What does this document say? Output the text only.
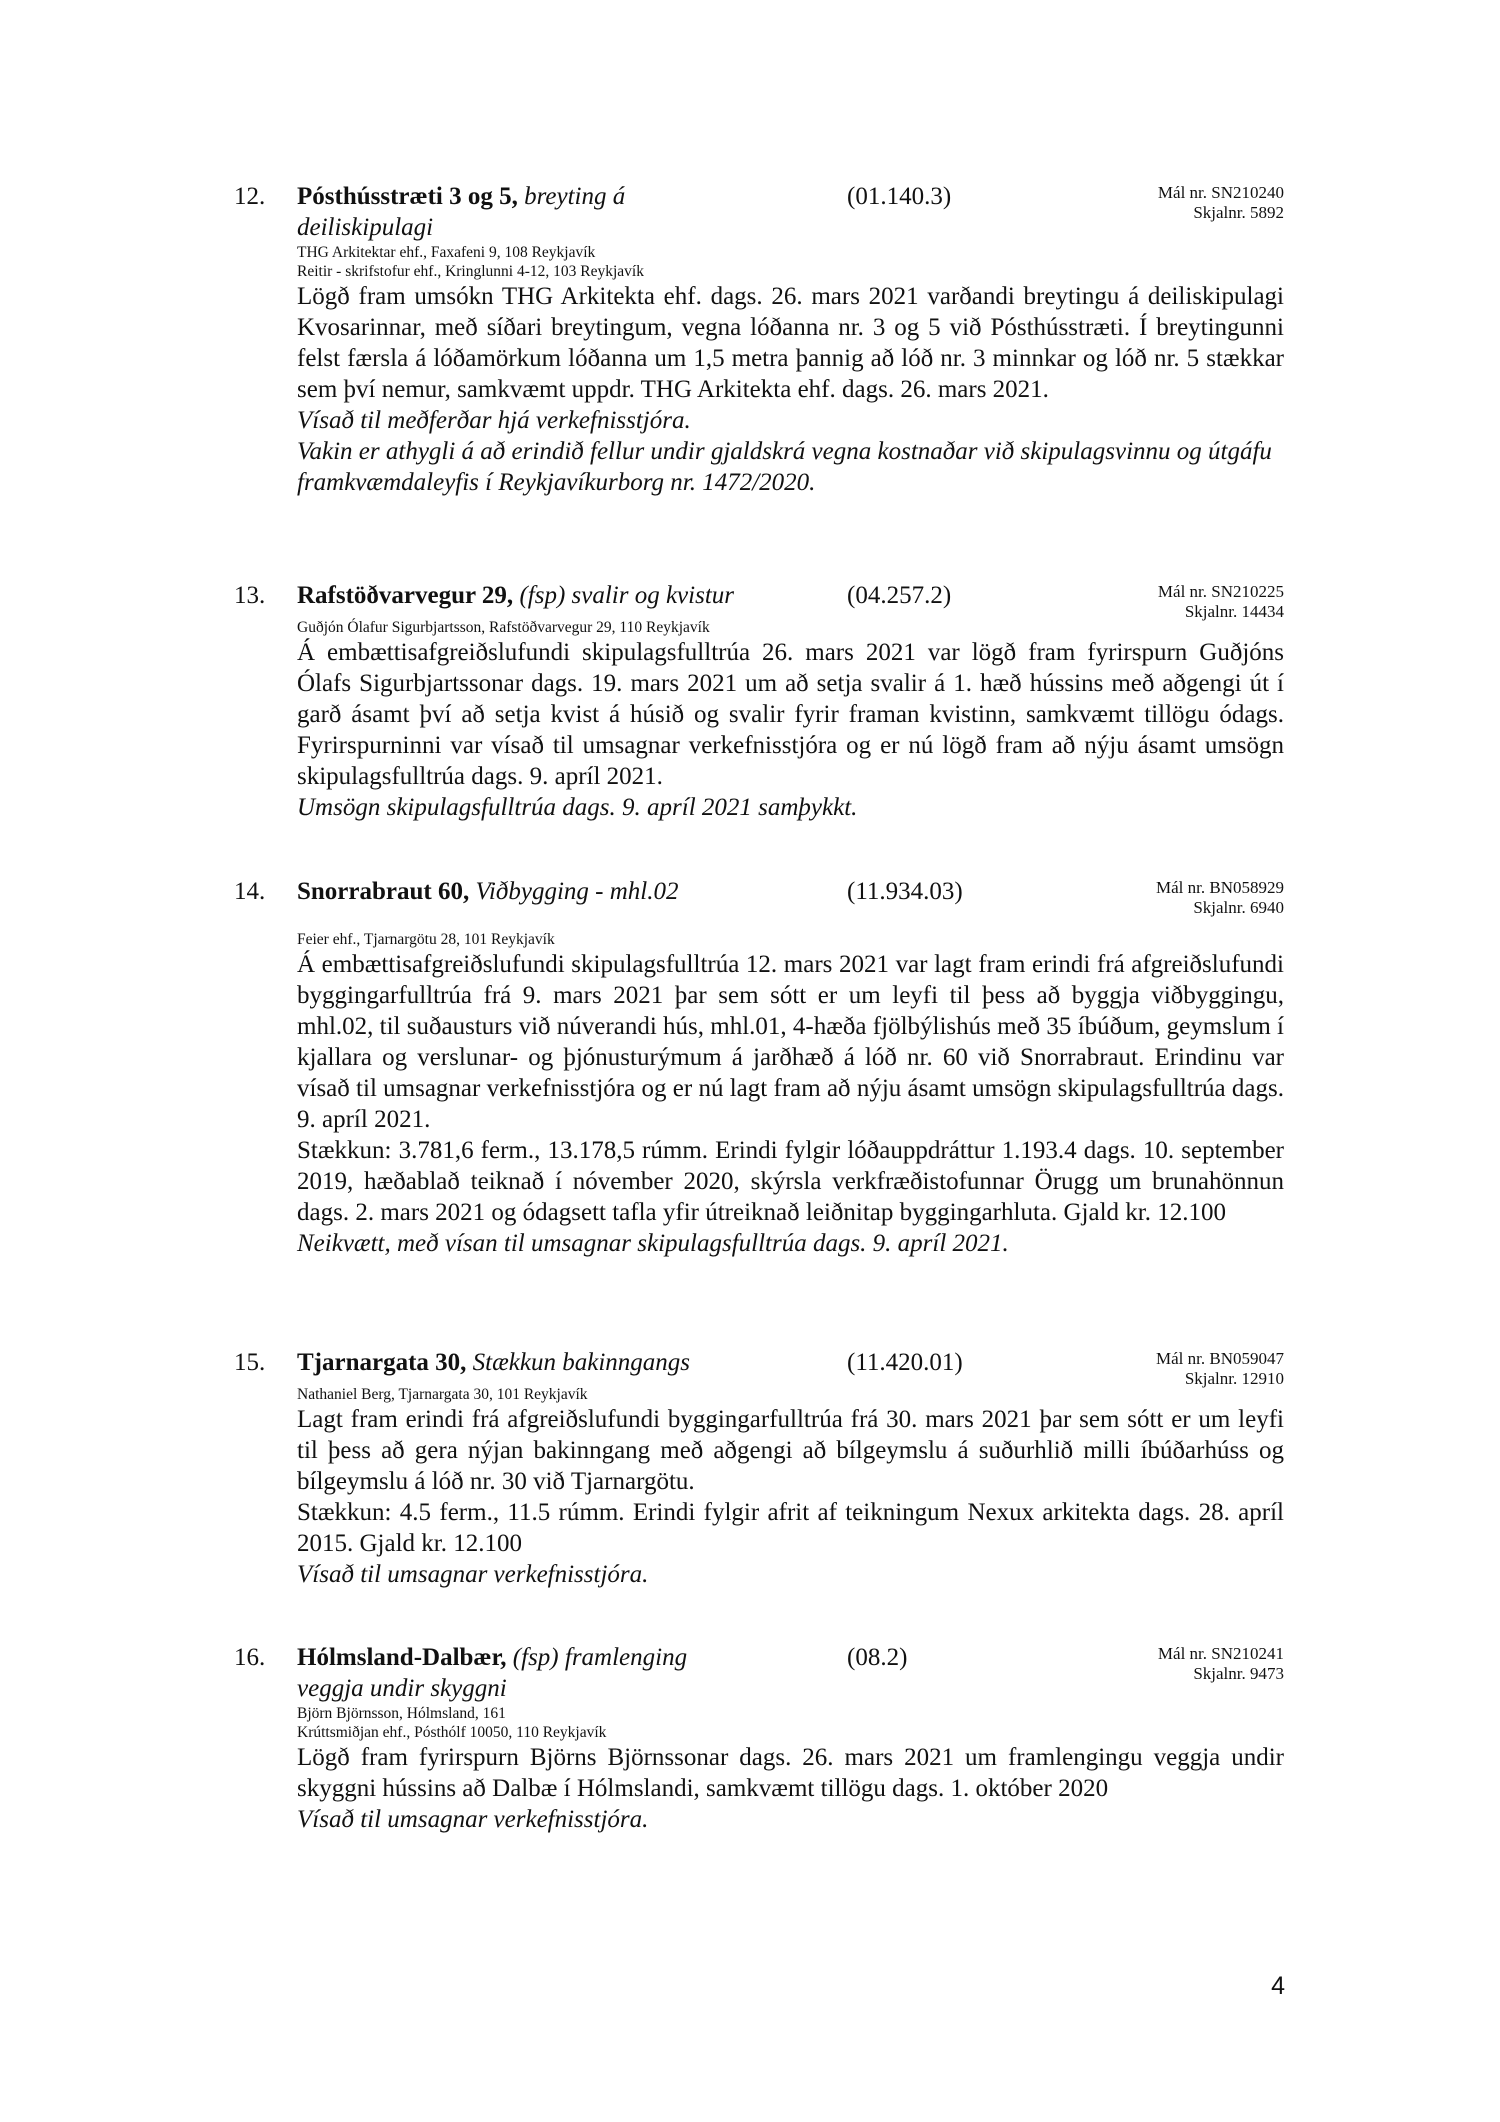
12. Pósthússtræti 3 og 5, breyting á	(01.140.3)	Mál nr. SN210240
Skjalnr. 5892
deiliskipulagi
THG Arkitektar ehf., Faxafeni 9, 108 Reykjavík
Reitir - skrifstofur ehf., Kringlunni 4-12, 103 Reykjavík
Lögð fram umsókn THG Arkitekta ehf. dags. 26. mars 2021 varðandi breytingu á deiliskipulagi Kvosarinnar, með síðari breytingum, vegna lóðanna nr. 3 og 5 við Pósthússtræti. Í breytingunni felst færsla á lóðamörkum lóðanna um 1,5 metra þannig að lóð nr. 3 minnkar og lóð nr. 5 stækkar sem því nemur, samkvæmt uppdr. THG Arkitekta ehf. dags. 26. mars 2021.
Vísað til meðferðar hjá verkefnisstjóra.
Vakin er athygli á að erindið fellur undir gjaldskrá vegna kostnaðar við skipulagsvinnu og útgáfu framkvæmdaleyfis í Reykjavíkurborg nr. 1472/2020.
13. Rafstöðvarvegur 29, (fsp) svalir og kvistur	(04.257.2)	Mál nr. SN210225
Skjalnr. 14434
Guðjón Ólafur Sigurbjartsson, Rafstöðvarvegur 29, 110 Reykjavík
Á embættisafgreiðslufundi skipulagsfulltrúa 26. mars 2021 var lögð fram fyrirspurn Guðjóns Ólafs Sigurbjartssonar dags. 19. mars 2021 um að setja svalir á 1. hæð hússins með aðgengi út í garð ásamt því að setja kvist á húsið og svalir fyrir framan kvistinn, samkvæmt tillögu ódags. Fyrirspurninni var vísað til umsagnar verkefnisstjóra og er nú lögð fram að nýju ásamt umsögn skipulagsfulltrúa dags. 9. apríl 2021.
Umsögn skipulagsfulltrúa dags. 9. apríl 2021 samþykkt.
14. Snorrabraut 60, Viðbygging - mhl.02	(11.934.03)	Mál nr. BN058929
Skjalnr. 6940
Feier ehf., Tjarnargötu 28, 101 Reykjavík
Á embættisafgreiðslufundi skipulagsfulltrúa 12. mars 2021 var lagt fram erindi frá afgreiðslufundi byggingarfulltrúa frá 9. mars 2021 þar sem sótt er um leyfi til þess að byggja viðbyggingu, mhl.02, til suðausturs við núverandi hús, mhl.01, 4-hæða fjölbýlishús með 35 íbúðum, geymslum í kjallara og verslunar- og þjónusturýmum á jarðhæð á lóð nr. 60 við Snorrabraut. Erindinu var vísað til umsagnar verkefnisstjóra og er nú lagt fram að nýju ásamt umsögn skipulagsfulltrúa dags. 9. apríl 2021.
Stækkun: 3.781,6 ferm., 13.178,5 rúmm. Erindi fylgir lóðauppdráttur 1.193.4 dags. 10. september 2019, hæðablað teiknað í nóvember 2020, skýrsla verkfræðistofunnar Örugg um brunahönnun dags. 2. mars 2021 og ódagsett tafla yfir útreiknað leiðnitap byggingarhluta. Gjald kr. 12.100
Neikvætt, með vísan til umsagnar skipulagsfulltrúa dags. 9. apríl 2021.
15. Tjarnargata 30, Stækkun bakinngangs	(11.420.01)	Mál nr. BN059047
Skjalnr. 12910
Nathaniel Berg, Tjarnargata 30, 101 Reykjavík
Lagt fram erindi frá afgreiðslufundi byggingarfulltrúa frá 30. mars 2021 þar sem sótt er um leyfi til þess að gera nýjan bakinngang með aðgengi að bílgeymslu á suðurhlið milli íbúðarhúss og bílgeymslu á lóð nr. 30 við Tjarnargötu.
Stækkun: 4.5 ferm., 11.5 rúmm. Erindi fylgir afrit af teikningum Nexux arkitekta dags. 28. apríl 2015. Gjald kr. 12.100
Vísað til umsagnar verkefnisstjóra.
16. Hólmsland-Dalbær, (fsp) framlenging	(08.2)	Mál nr. SN210241
Skjalnr. 9473
veggja undir skyggni
Björn Björnsson, Hólmsland, 161
Krúttsmiðjan ehf., Pósthólf 10050, 110 Reykjavík
Lögð fram fyrirspurn Björns Björnssonar dags. 26. mars 2021 um framlengingu veggja undir skyggni hússins að Dalbæ í Hólmslandi, samkvæmt tillögu dags. 1. október 2020
Vísað til umsagnar verkefnisstjóra.
4
